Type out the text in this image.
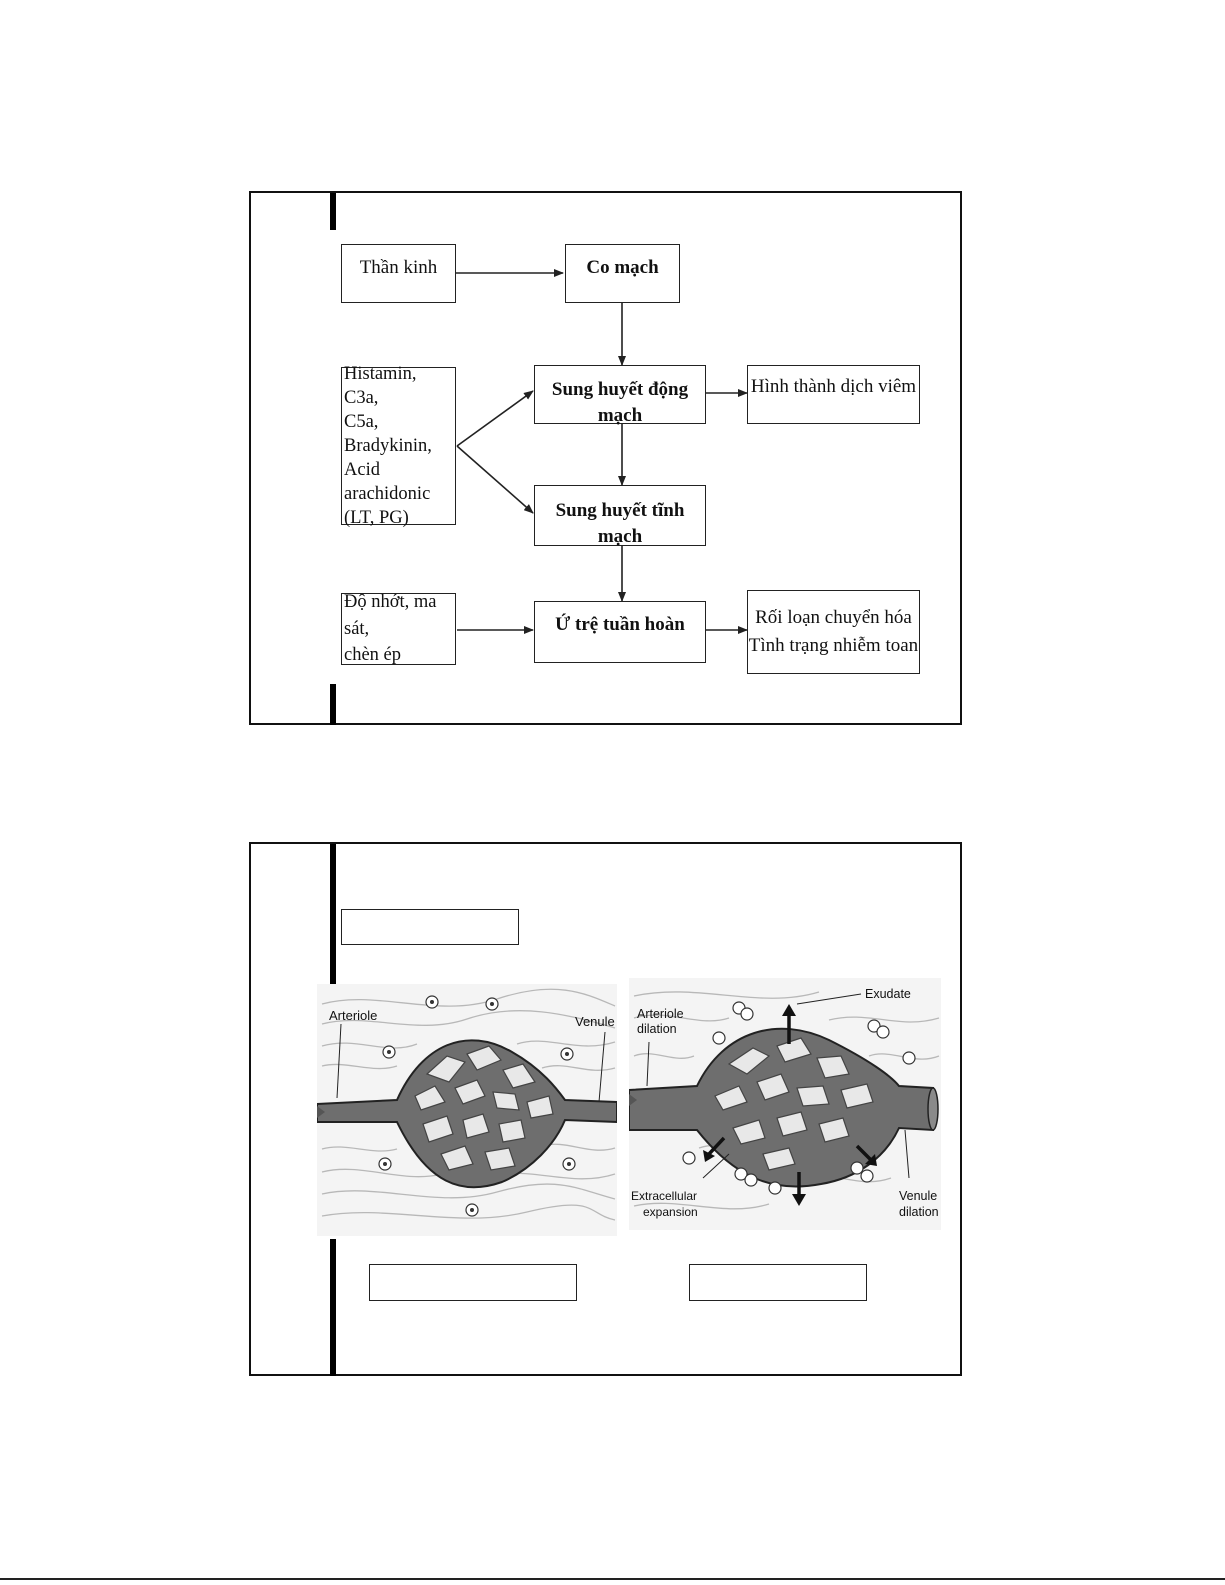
Thần kinh	Co mạch
Histamin, C3a,
C5a, Bradykinin,
Acid arachidonic
(LT, PG)
Sung huyết động mạch
Hình thành dịch viêm
Sung huyết tĩnh mạch
Độ nhớt, ma sát,
chèn ép
Ứ trệ tuần hoàn	Rối loạn chuyển hóa
Tình trạng nhiễm toan
Arteriole	Venule
Exudate
Arteriole dilation
Extracellular expansion
Venule dilation
